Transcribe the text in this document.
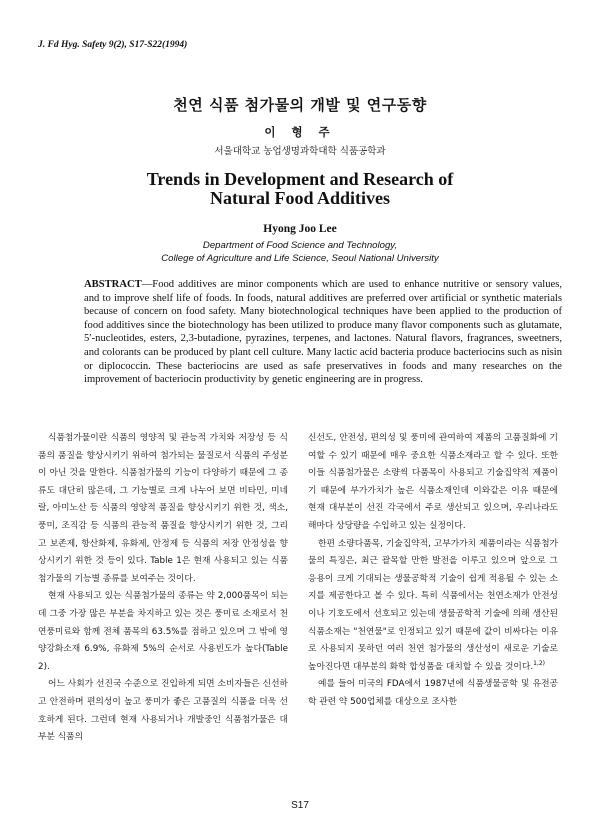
J. Fd Hyg. Safety 9(2), S17-S22(1994)
천연 식품 첨가물의 개발 및 연구동향
이 형 주
서울대학교 농업생명과학대학 식품공학과
Trends in Development and Research of
Natural Food Additives
Hyong Joo Lee
Department of Food Science and Technology,
College of Agriculture and Life Science, Seoul National University
ABSTRACT—Food additives are minor components which are used to enhance nutritive or sensory values, and to improve shelf life of foods. In foods, natural additives are preferred over artificial or synthetic materials because of concern on food safety. Many biotechnological techniques have been applied to the production of food additives since the biotechnology has been utilized to produce many flavor components such as glutamate, 5′-nucleotides, esters, 2,3-butadione, pyrazines, terpenes, and lactones. Natural flavors, fragrances, sweetners, and colorants can be produced by plant cell culture. Many lactic acid bacteria produce bacteriocins such as nisin or diplococcin. These bacteriocins are used as safe preservatives in foods and many researches on the improvement of bacteriocin productivity by genetic engineering are in progress.

식품첨가물이란 식품의 영양적 및 관능적 가치와 저장성 등 식품의 품질을 향상시키기 위하여 첨가되는 물질로서 식품의 주성분이 아닌 것을 말한다. 식품첨가물의 기능이 다양하기 때문에 그 종류도 대단히 많은데, 그 기능별로 크게 나누어 보면 비타민, 미네랄, 아미노산 등 식품의 영양적 품질을 향상시키기 위한 것, 색소, 풍미, 조직감 등 식품의 관능적 품질을 향상시키기 위한 것, 그리고 보존제, 항산화제, 유화제, 안정제 등 식품의 저장 안정성을 향상시키기 위한 것 등이 있다. Table 1은 현재 사용되고 있는 식품첨가물의 기능별 종류를 보여주는 것이다.

현재 사용되고 있는 식품첨가물의 종류는 약 2,000품목이 되는데 그중 가장 많은 부분을 차지하고 있는 것은 풍미료 소재로서 천연풍미료와 함께 전체 품목의 63.5%를 점하고 있으며 그 밖에 영양강화소재 6.9%, 유화제 5%의 순서로 사용빈도가 높다(Table 2).

어느 사회가 선진국 수준으로 진입하게 되면 소비자들은 신선하고 안전하며 편의성이 높고 풍미가 좋은 고품질의 식품을 더욱 선호하게 된다. 그런데 현재 사용되거나 개발중인 식품첨가물은 대부분 식품의

신선도, 안전성, 편의성 및 풍미에 관여하여 제품의 고품질화에 기여할 수 있기 때문에 매우 중요한 식품소재라고 할 수 있다. 또한 이들 식품첨가물은 소량씩 다품목이 사용되고 기술집약적 제품이기 때문에 부가가치가 높은 식품소재인데 이와같은 이유 때문에 현재 대부분이 선진 각국에서 주로 생산되고 있으며, 우리나라도 해마다 상당량을 수입하고 있는 실정이다.

한편 소량다품목, 기술집약적, 고부가가치 제품이라는 식품첨가물의 특징은, 최근 괄목할 만한 발전을 이루고 있으며 앞으로 그 응용이 크게 기대되는 생물공학적 기술이 쉽게 적용될 수 있는 소지를 제공한다고 볼 수 있다. 특히 식품에서는 천연소재가 안전성이나 기호도에서 선호되고 있는데 생물공학적 기술에 의해 생산된 식품소재는 "천연물"로 인정되고 있기 때문에 값이 비싸다는 이유로 사용되지 못하던 여러 천연 첨가물의 생산성이 새로운 기술로 높아진다면 대부분의 화학 합성품을 대치할 수 있을 것이다.$^{1,2)}$

예를 들어 미국의 FDA에서 1987년에 식품생물공학 및 유전공학 관련 약 500업체를 대상으로 조사한

S17
